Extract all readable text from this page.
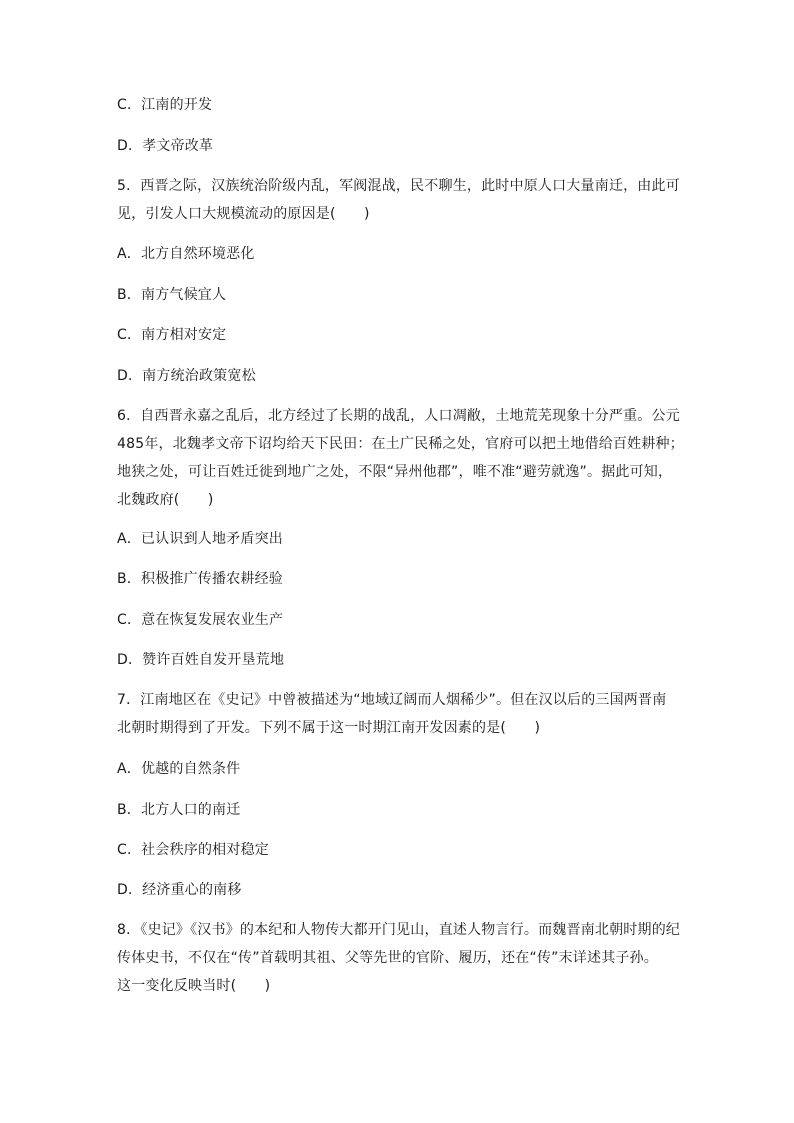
C．江南的开发
D．孝文帝改革
5．西晋之际，汉族统治阶级内乱，军阀混战，民不聊生，此时中原人口大量南迁，由此可
见，引发人口大规模流动的原因是(　　)
A．北方自然环境恶化
B．南方气候宜人
C．南方相对安定
D．南方统治政策宽松
6．自西晋永嘉之乱后，北方经过了长期的战乱，人口凋敝，土地荒芜现象十分严重。公元
485年，北魏孝文帝下诏均给天下民田：在土广民稀之处，官府可以把土地借给百姓耕种；
地狭之处，可让百姓迁徙到地广之处，不限“异州他郡”，唯不准“避劳就逸”。据此可知，
北魏政府(　　)
A．已认识到人地矛盾突出
B．积极推广传播农耕经验
C．意在恢复发展农业生产
D．赞许百姓自发开垦荒地
7．江南地区在《史记》中曾被描述为“地域辽阔而人烟稀少”。但在汉以后的三国两晋南
北朝时期得到了开发。下列不属于这一时期江南开发因素的是(　　)
A．优越的自然条件
B．北方人口的南迁
C．社会秩序的相对稳定
D．经济重心的南移
8．《史记》《汉书》的本纪和人物传大都开门见山，直述人物言行。而魏晋南北朝时期的纪
传体史书，不仅在“传”首载明其祖、父等先世的官阶、履历，还在“传”末详述其子孙。
这一变化反映当时(　　)
